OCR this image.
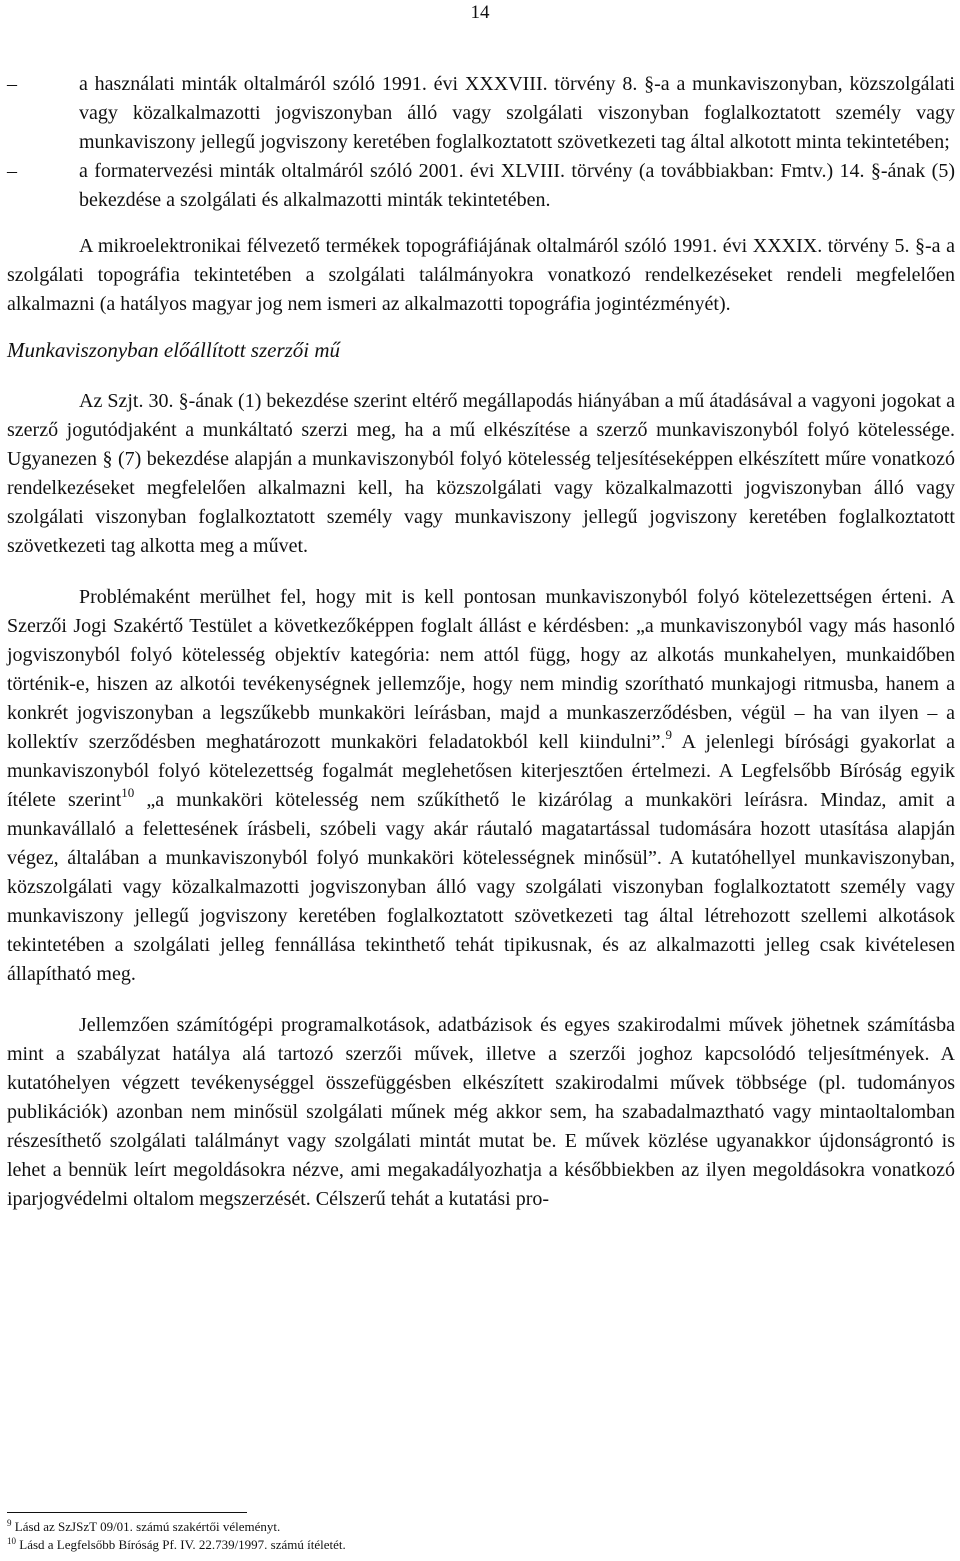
14
–	a használati minták oltalmáról szóló 1991. évi XXXVIII. törvény 8. §-a a munkaviszonyban, közszolgálati vagy közalkalmazotti jogviszonyban álló vagy szolgálati viszonyban foglalkoztatott személy vagy munkaviszony jellegű jogviszony keretében foglalkoztatott szövetkezeti tag által alkotott minta tekintetében;
–	a formatervezési minták oltalmáról szóló 2001. évi XLVIII. törvény (a továbbiakban: Fmtv.) 14. §-ának (5) bekezdése a szolgálati és alkalmazotti minták tekintetében.

A mikroelektronikai félvezető termékek topográfiájának oltalmáról szóló 1991. évi XXXIX. törvény 5. §-a a szolgálati topográfia tekintetében a szolgálati találmányokra vonatkozó rendelkezéseket rendeli megfelelően alkalmazni (a hatályos magyar jog nem ismeri az alkalmazotti topográfia jogintézményét).

Munkaviszonyban előállított szerzői mű

Az Szjt. 30. §-ának (1) bekezdése szerint eltérő megállapodás hiányában a mű átadásával a vagyoni jogokat a szerző jogutódjaként a munkáltató szerzi meg, ha a mű elkészítése a szerző munkaviszonyból folyó kötelessége. Ugyanezen § (7) bekezdése alapján a munkaviszonyból folyó kötelesség teljesítéseképpen elkészített műre vonatkozó rendelkezéseket megfelelően alkalmazni kell, ha közszolgálati vagy közalkalmazotti jogviszonyban álló vagy szolgálati viszonyban foglalkoztatott személy vagy munkaviszony jellegű jogviszony keretében foglalkoztatott szövetkezeti tag alkotta meg a művet.

Problémaként merülhet fel, hogy mit is kell pontosan munkaviszonyból folyó kötelezettségen érteni. A Szerzői Jogi Szakértő Testület a következőképpen foglalt állást e kérdésben: „a munkaviszonyból vagy más hasonló jogviszonyból folyó kötelesség objektív kategória: nem attól függ, hogy az alkotás munkahelyen, munkaidőben történik-e, hiszen az alkotói tevékenységnek jellemzője, hogy nem mindig szorítható munkajogi ritmusba, hanem a konkrét jogviszonyban a legszűkebb munkaköri leírásban, majd a munkaszerződésben, végül – ha van ilyen – a kollektív szerződésben meghatározott munkaköri feladatokból kell kiindulni”.$^9$ A jelenlegi bírósági gyakorlat a munkaviszonyból folyó kötelezettség fogalmát meglehetősen kiterjesztően értelmezi. A Legfelsőbb Bíróság egyik ítélete szerint$^{10}$ „a munkaköri kötelesség nem szűkíthető le kizárólag a munkaköri leírásra. Mindaz, amit a munkavállaló a felettesének írásbeli, szóbeli vagy akár ráutaló magatartással tudomására hozott utasítása alapján végez, általában a munkaviszonyból folyó munkaköri kötelességnek minősül”. A kutatóhellyel munkaviszonyban, közszolgálati vagy közalkalmazotti jogviszonyban álló vagy szolgálati viszonyban foglalkoztatott személy vagy munkaviszony jellegű jogviszony keretében foglalkoztatott szövetkezeti tag által létrehozott szellemi alkotások tekintetében a szolgálati jelleg fennállása tekinthető tehát tipikusnak, és az alkalmazotti jelleg csak kivételesen állapítható meg.

Jellemzően számítógépi programalkotások, adatbázisok és egyes szakirodalmi művek jöhetnek számításba mint a szabályzat hatálya alá tartozó szerzői művek, illetve a szerzői joghoz kapcsolódó teljesítmények. A kutatóhelyen végzett tevékenységgel összefüggésben elkészített szakirodalmi művek többsége (pl. tudományos publikációk) azonban nem minősül szolgálati műnek még akkor sem, ha szabadalmaztható vagy mintaoltalomban részesíthető szolgálati találmányt vagy szolgálati mintát mutat be. E művek közlése ugyanakkor újdonságrontó is lehet a bennük leírt megoldásokra nézve, ami megakadályozhatja a későbbiekben az ilyen megoldásokra vonatkozó iparjogvédelmi oltalom megszerzését. Célszerű tehát a kutatási pro-

$^9$ Lásd az SzJSzT 09/01. számú szakértői véleményt.
$^{10}$ Lásd a Legfelsőbb Bíróság Pf. IV. 22.739/1997. számú ítéletét.
